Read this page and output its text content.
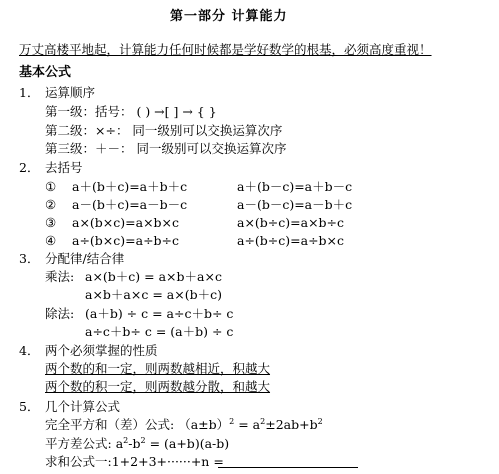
第一部分 计算能力
万丈高楼平地起，计算能力任何时候都是学好数学的根基，必须高度重视！
基本公式
1． 运算顺序
第一级：括号： ( ) →[ ] → { }
第二级：×÷： 同一级别可以交换运算次序
第三级：＋－： 同一级别可以交换运算次序
2． 去括号
① a＋(b＋c)=a＋b＋c	a＋(b－c)=a＋b－c
② a－(b＋c)=a－b－c	a－(b－c)=a－b＋c
③ a×(b×c)=a×b×c	a×(b÷c)=a×b÷c
④ a÷(b×c)=a÷b÷c	a÷(b÷c)=a÷b×c
3． 分配律/结合律
乘法: a×(b＋c) = a×b＋a×c
a×b＋a×c = a×(b＋c)
除法: (a＋b) ÷ c = a÷c＋b÷ c
a÷c＋b÷ c = (a＋b) ÷ c
4． 两个必须掌握的性质
两个数的和一定，则两数越相近，积越大
两个数的积一定，则两数越分散，和越大
5． 几个计算公式
完全平方和（差）公式: $(a\pm b)^2 = a^2\pm 2ab+b^2$
平方差公式: $a^2-b^2 = (a+b)(a-b)$
求和公式一:1+2+3+······+n =
